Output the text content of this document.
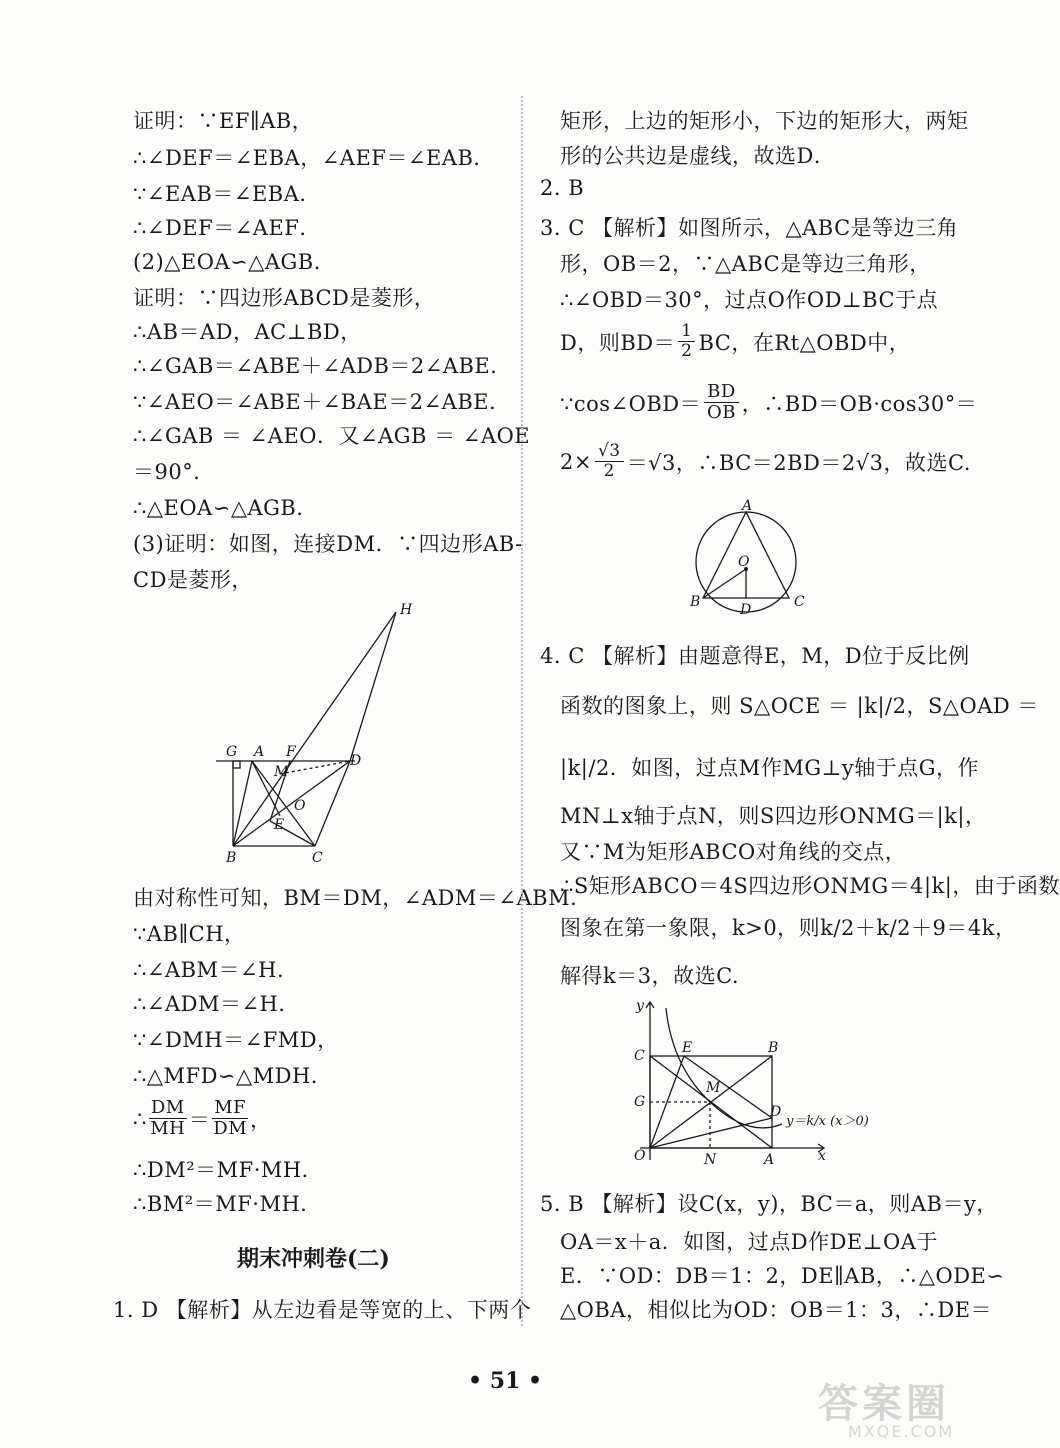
证明：∵EF∥AB，
∴∠DEF＝∠EBA，∠AEF＝∠EAB．
∵∠EAB＝∠EBA．
∴∠DEF＝∠AEF．
(2)△EOA∽△AGB．
证明：∵四边形ABCD是菱形，
∴AB＝AD，AC⊥BD，
∴∠GAB＝∠ABE＋∠ADB＝2∠ABE．
∵∠AEO＝∠ABE＋∠BAE＝2∠ABE．
∴∠GAB ＝ ∠AEO．又∠AGB ＝ ∠AOE
＝90°．
∴△EOA∽△AGB．
(3)证明：如图，连接DM．∵四边形AB-
CD是菱形，
由对称性可知，BM＝DM，∠ADM＝∠ABM．
∵AB∥CH，
∴∠ABM＝∠H．
∴∠ADM＝∠H．
∵∠DMH＝∠FMD，
∴△MFD∽△MDH．
∴ $\frac{DM}{MH} = \frac{MF}{DM}$ ，
∴DM²＝MF·MH．
∴BM²＝MF·MH．
1. D 【解析】从左边看是等宽的上、下两个
期末冲刺卷(二)
H
G A F
M
D
O
E
B	C
矩形，上边的矩形小，下边的矩形大，两矩
形的公共边是虚线，故选D．
2. B
3. C 【解析】如图所示，△ABC是等边三角
形，OB＝2，∵△ABC是等边三角形，
∴∠OBD＝30°，过点O作OD⊥BC于点
D，则$BD= \frac{1}{2}$ BC，在Rt△OBD中，
∵cos∠OBD＝ $\frac{BD}{OB}$ ，∴BD＝OB·cos30°＝
$2\times \frac{√3}{2} =√3$，∴BC＝2BD＝2√3，故选C.
4. C 【解析】由题意得E，M，D位于反比例
函数的图象上，则 S△OCE ＝ |k|/2，S△OAD ＝
|k|/2．如图，过点M作MG⊥y轴于点G，作
MN⊥x轴于点N，则S四边形ONMG＝|k|，
又∵M为矩形ABCO对角线的交点，
∴S矩形ABCO＝4S四边形ONMG＝4|k|，由于函数
图象在第一象限，k>0，则k/2＋k/2＋9＝4k，
解得k＝3，故选C.
5. B 【解析】设C(x，y)，BC＝a，则AB＝y，
OA＝x＋a．如图，过点D作DE⊥OA于
E．∵OD：DB＝1：2，DE∥AB，∴△ODE∽
△OBA，相似比为OD：OB＝1：3，∴DE＝
A
O
B	D	C
y
C	E	B
M
G
D
O	N	A	x
y＝k/x (x＞0)
• 51 •	答案圈
MXQE.COM
